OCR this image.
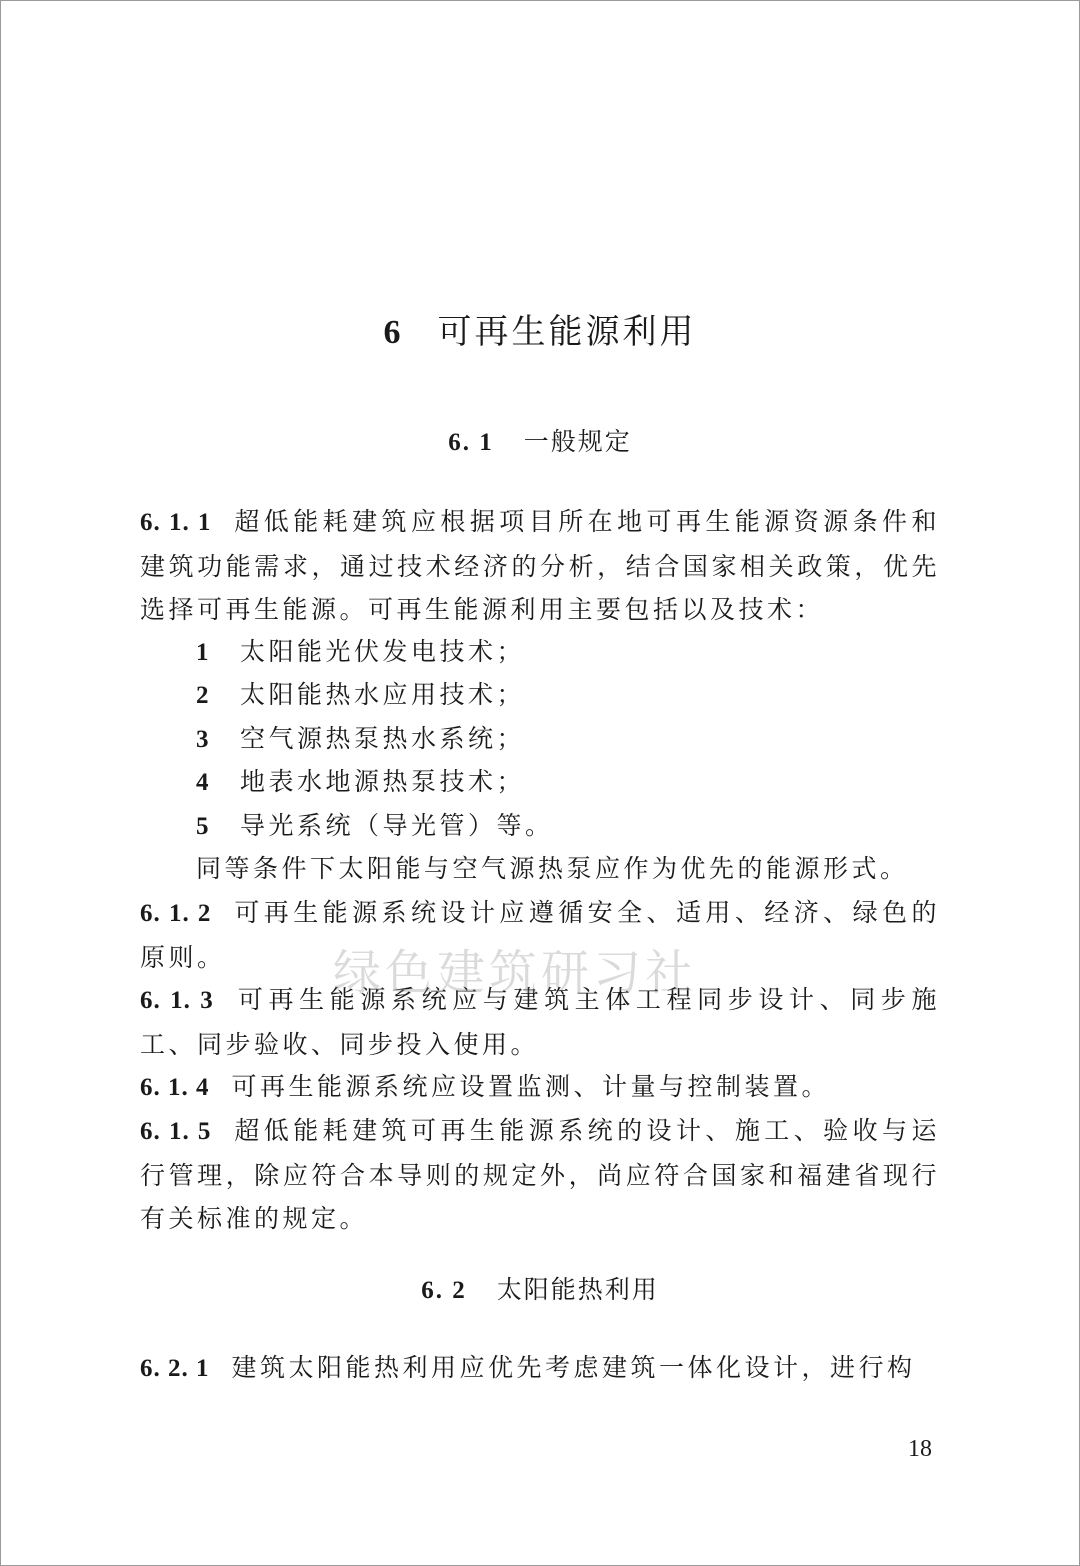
6 可再生能源利用
6. 1 一般规定
6. 1. 1 超低能耗建筑应根据项目所在地可再生能源资源条件和建筑功能需求，通过技术经济的分析，结合国家相关政策，优先选择可再生能源。可再生能源利用主要包括以及技术：
1 太阳能光伏发电技术；
2 太阳能热水应用技术；
3 空气源热泵热水系统；
4 地表水地源热泵技术；
5 导光系统（导光管）等。
同等条件下太阳能与空气源热泵应作为优先的能源形式。
6. 1. 2 可再生能源系统设计应遵循安全、适用、经济、绿色的原则。
6. 1. 3 可再生能源系统应与建筑主体工程同步设计、同步施工、同步验收、同步投入使用。
6. 1. 4 可再生能源系统应设置监测、计量与控制装置。
6. 1. 5 超低能耗建筑可再生能源系统的设计、施工、验收与运行管理，除应符合本导则的规定外，尚应符合国家和福建省现行有关标准的规定。
6. 2 太阳能热利用
6. 2. 1 建筑太阳能热利用应优先考虑建筑一体化设计，进行构
绿色建筑研习社
18
